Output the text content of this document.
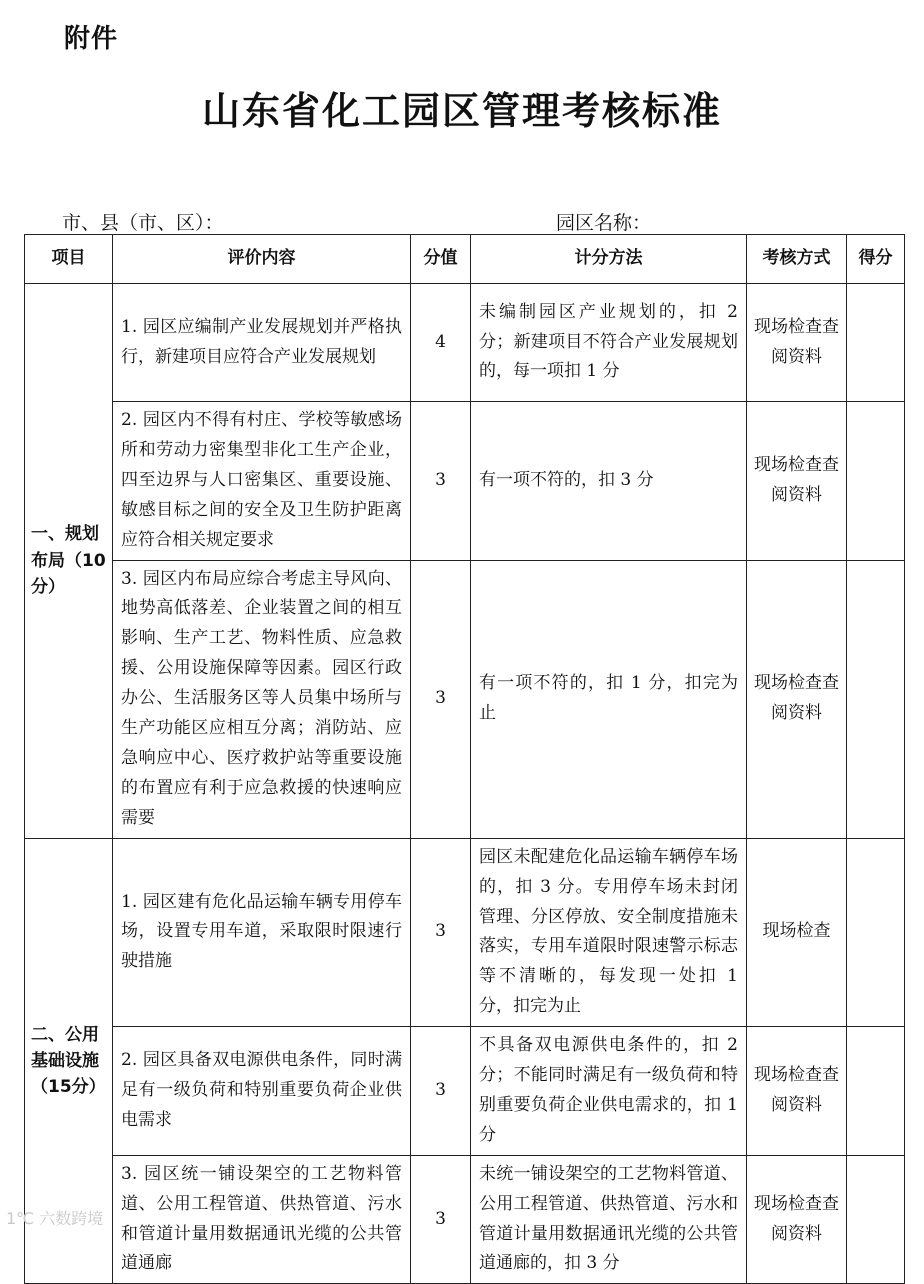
附件
山东省化工园区管理考核标准
市、县（市、区）：	园区名称：
项目	评价内容	分值	计分方法	考核方式	得分
一、规划布局（10分）	1. 园区应编制产业发展规划并严格执行，新建项目应符合产业发展规划	4	未编制园区产业规划的，扣 2 分；新建项目不符合产业发展规划的，每一项扣 1 分	现场检查查阅资料	
	2. 园区内不得有村庄、学校等敏感场所和劳动力密集型非化工生产企业，四至边界与人口密集区、重要设施、敏感目标之间的安全及卫生防护距离应符合相关规定要求	3	有一项不符的，扣 3 分	现场检查查阅资料	
	3. 园区内布局应综合考虑主导风向、地势高低落差、企业装置之间的相互影响、生产工艺、物料性质、应急救援、公用设施保障等因素。园区行政办公、生活服务区等人员集中场所与生产功能区应相互分离；消防站、应急响应中心、医疗救护站等重要设施的布置应有利于应急救援的快速响应需要	3	有一项不符的，扣 1 分，扣完为止	现场检查查阅资料	
二、公用基础设施（15分）	1. 园区建有危化品运输车辆专用停车场，设置专用车道，采取限时限速行驶措施	3	园区未配建危化品运输车辆停车场的，扣 3 分。专用停车场未封闭管理、分区停放、安全制度措施未落实，专用车道限时限速警示标志等不清晰的，每发现一处扣 1 分，扣完为止	现场检查	
	2. 园区具备双电源供电条件，同时满足有一级负荷和特别重要负荷企业供电需求	3	不具备双电源供电条件的，扣 2 分；不能同时满足有一级负荷和特别重要负荷企业供电需求的，扣 1 分	现场检查查阅资料	
	3. 园区统一铺设架空的工艺物料管道、公用工程管道、供热管道、污水和管道计量用数据通讯光缆的公共管道通廊	3	未统一铺设架空的工艺物料管道、公用工程管道、供热管道、污水和管道计量用数据通讯光缆的公共管道通廊的，扣 3 分	现场检查查阅资料	
1℃ 六数跨境
